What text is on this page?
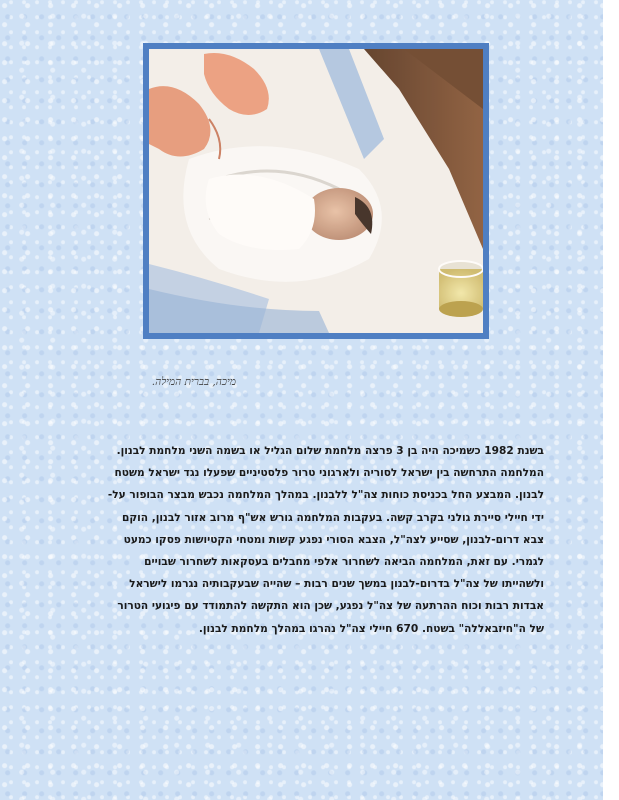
מיכה, בברית המילה.
בשנת 1982 כשמיכה היה בן 3 פרצה מלחמת שלום הגליל או בשמה השני מלחמת לבנון.
המלחמה התרחשה בין ישראל לסוריה ולארגוני טרור פלסטיניים שפעלו נגד ישראל משטח
לבנון. המבצע החל בכניסת כוחות צה"ל ללבנון. במהלך המלחמה נכבש מבצר הבופור על-
ידי חיילי סיירת גולני בקרב קשה. בעקבות המלחמה גורש אש"ף מרוב אזור לבנון, הוקם
צבא דרום-לבנון, שסייע לצה"ל, הצבא הסורי נפגע קשות ומטחי הקטיושות פסקו כמעט
לגמרי. עם זאת, המלחמה הביאה לשחרור אלפי מחבלים בעסקאות לשחרור שבויים
ולשהייתו של צה"ל בדרום-לבנון במשך שנים רבות – שהייה שבעקבותיה נגרמו לישראל
אבדות רבות וכוח ההרתעה של צה"ל נפגע, שכן הוא התקשה להתמודד עם פיגועי הטרור
של ה"חיזבאללה" בשטח. 670 חיילי צה"ל נהרגו במהלך מלחמת לבנון.
